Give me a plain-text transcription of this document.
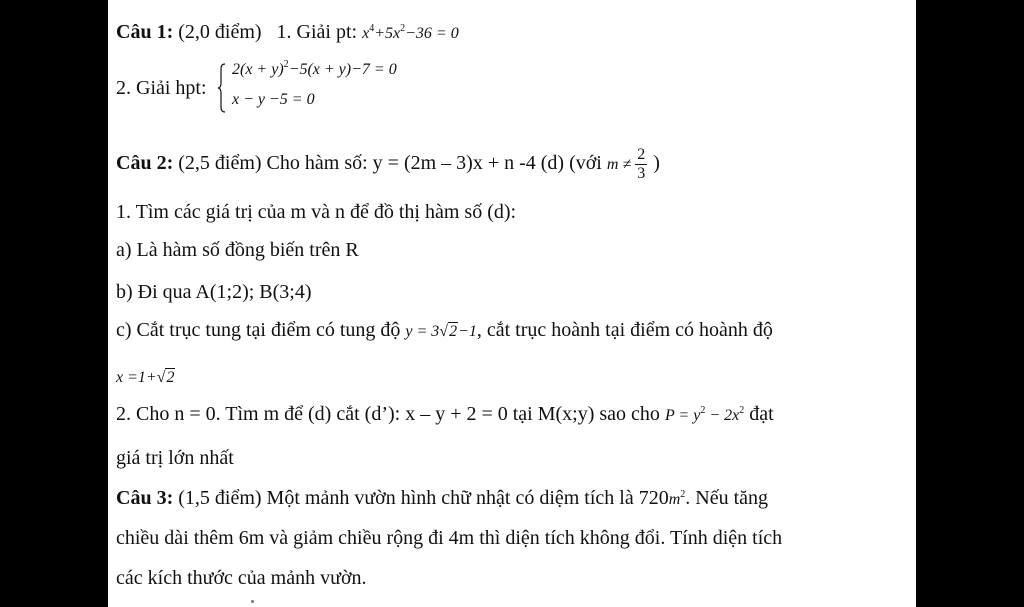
Câu 1: (2,0 điểm) 1. Giải pt: $x^4+5x^2-36 = 0$
2. Giải hpt:
$2(x + y)^2-5(x + y)-7 = 0$
x − y −5 = 0
Câu 2: (2,5 điểm) Cho hàm số: y = (2m – 3)x + n -4 (d) (với $m \ne \frac{2}{3}$ )
1. Tìm các giá trị của m và n để đồ thị hàm số (d):
a) Là hàm số đồng biến trên R
b) Đi qua A(1;2); B(3;4)
c) Cắt trục tung tại điểm có tung độ y = 3√2−1, cắt trục hoành tại điểm có hoành độ
x =1+√2
2. Cho n = 0. Tìm m để (d) cắt (d’): x – y + 2 = 0 tại M(x;y) sao cho $P = y^2 - 2x^2$ đạt
giá trị lớn nhất
Câu 3: (1,5 điểm) Một mảnh vườn hình chữ nhật có diệm tích là $720m^2$. Nếu tăng
chiều dài thêm 6m và giảm chiều rộng đi 4m thì diện tích không đổi. Tính diện tích
các kích thước của mảnh vườn.
